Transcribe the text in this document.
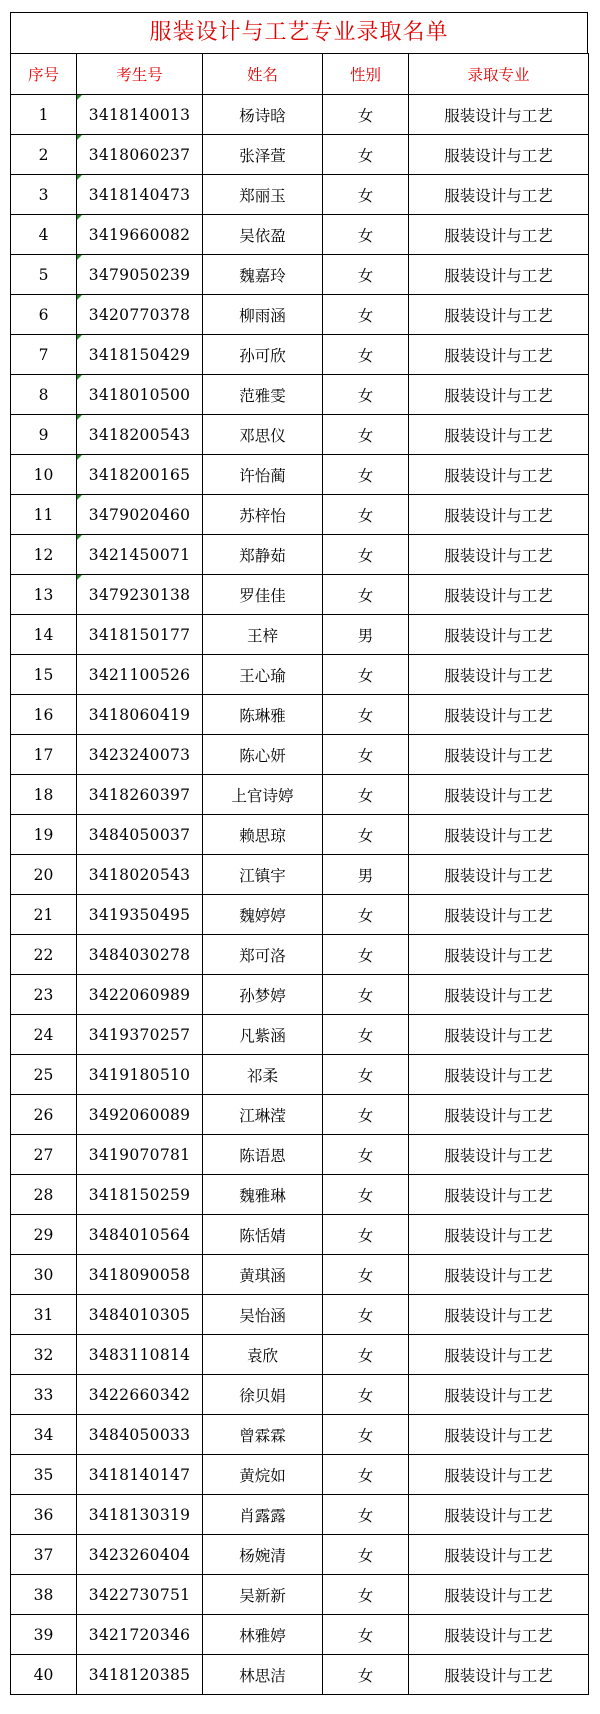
服装设计与工艺专业录取名单
序号	考生号	姓名	性别	录取专业
1	3418140013	杨诗晗	女	服装设计与工艺
2	3418060237	张泽萱	女	服装设计与工艺
3	3418140473	郑丽玉	女	服装设计与工艺
4	3419660082	吴依盈	女	服装设计与工艺
5	3479050239	魏嘉玲	女	服装设计与工艺
6	3420770378	柳雨涵	女	服装设计与工艺
7	3418150429	孙可欣	女	服装设计与工艺
8	3418010500	范雅雯	女	服装设计与工艺
9	3418200543	邓思仪	女	服装设计与工艺
10	3418200165	许怡蔺	女	服装设计与工艺
11	3479020460	苏梓怡	女	服装设计与工艺
12	3421450071	郑静茹	女	服装设计与工艺
13	3479230138	罗佳佳	女	服装设计与工艺
14	3418150177	王梓	男	服装设计与工艺
15	3421100526	王心瑜	女	服装设计与工艺
16	3418060419	陈琳雅	女	服装设计与工艺
17	3423240073	陈心妍	女	服装设计与工艺
18	3418260397	上官诗婷	女	服装设计与工艺
19	3484050037	赖思琼	女	服装设计与工艺
20	3418020543	江镇宇	男	服装设计与工艺
21	3419350495	魏婷婷	女	服装设计与工艺
22	3484030278	郑可洛	女	服装设计与工艺
23	3422060989	孙梦婷	女	服装设计与工艺
24	3419370257	凡紫涵	女	服装设计与工艺
25	3419180510	祁柔	女	服装设计与工艺
26	3492060089	江琳滢	女	服装设计与工艺
27	3419070781	陈语恩	女	服装设计与工艺
28	3418150259	魏雅琳	女	服装设计与工艺
29	3484010564	陈恬婧	女	服装设计与工艺
30	3418090058	黄琪涵	女	服装设计与工艺
31	3484010305	吴怡涵	女	服装设计与工艺
32	3483110814	袁欣	女	服装设计与工艺
33	3422660342	徐贝娟	女	服装设计与工艺
34	3484050033	曾霖霖	女	服装设计与工艺
35	3418140147	黄烷如	女	服装设计与工艺
36	3418130319	肖露露	女	服装设计与工艺
37	3423260404	杨婉清	女	服装设计与工艺
38	3422730751	吴新新	女	服装设计与工艺
39	3421720346	林雅婷	女	服装设计与工艺
40	3418120385	林思洁	女	服装设计与工艺
